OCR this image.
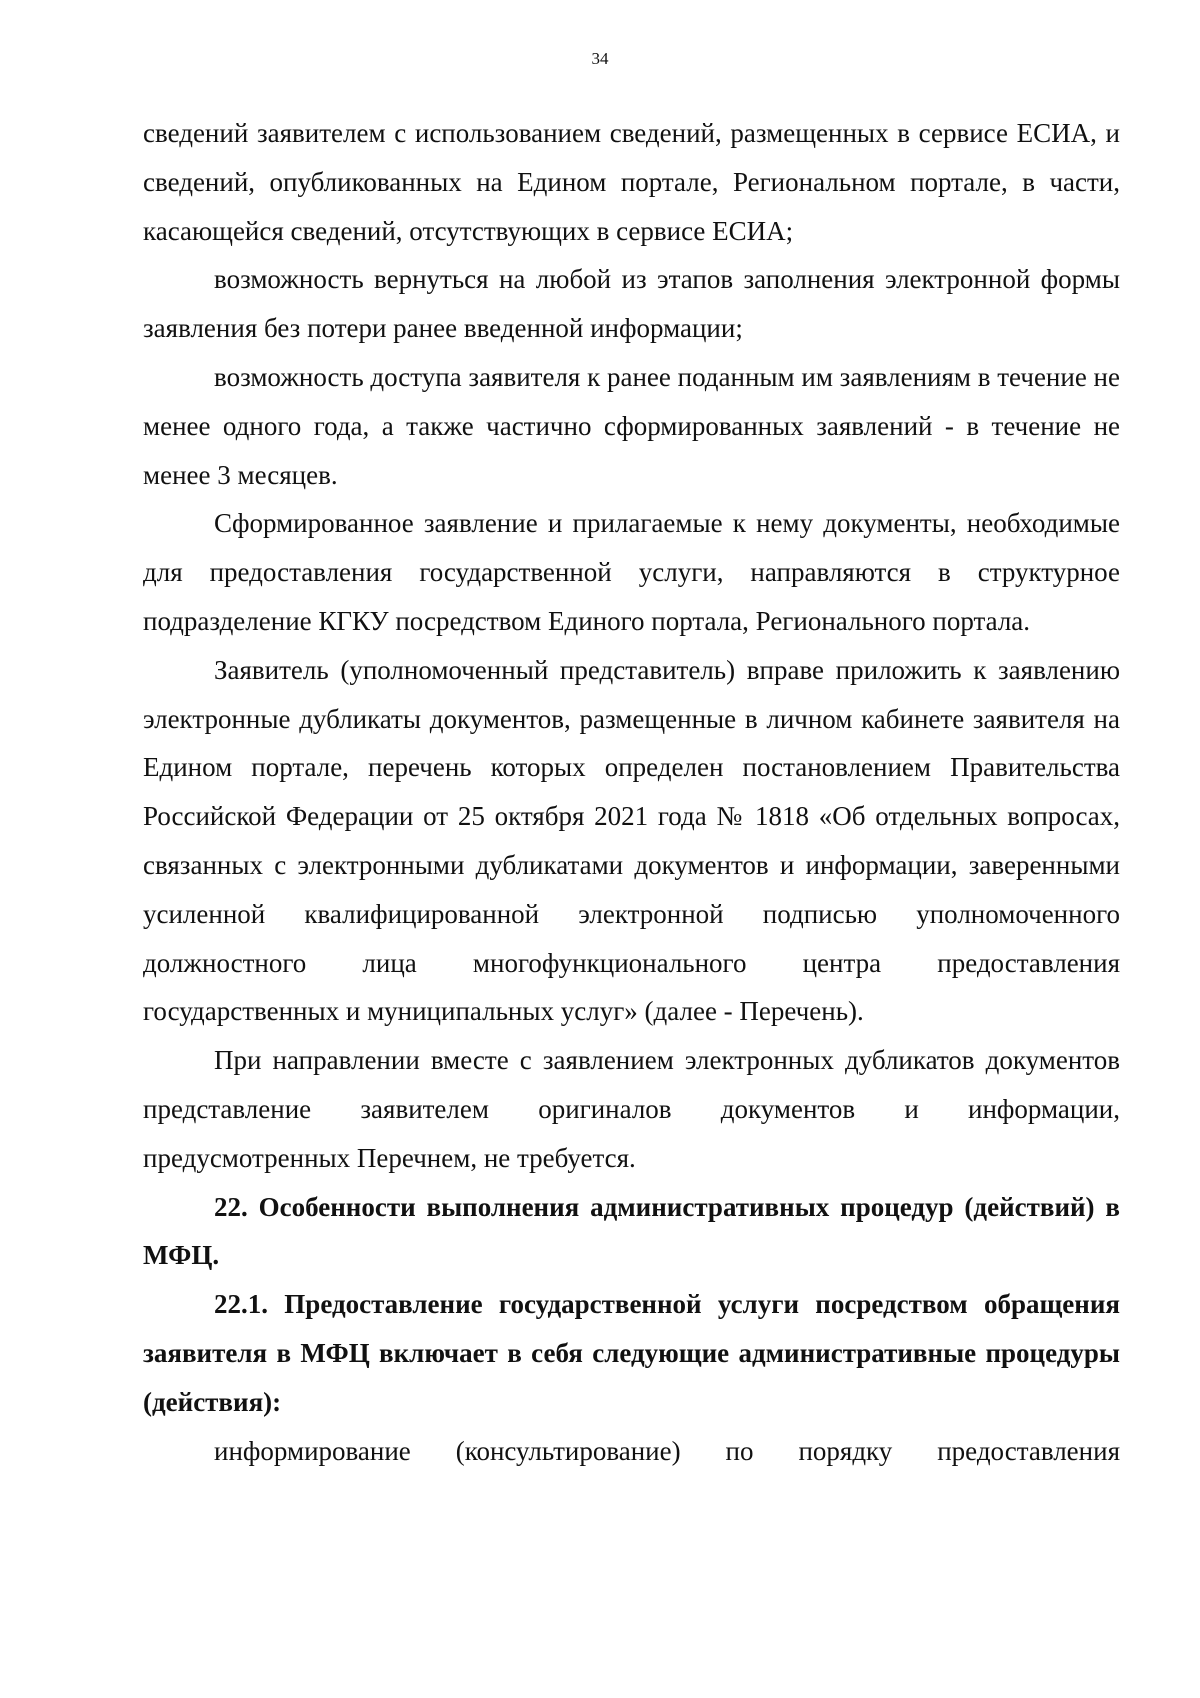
34

сведений заявителем с использованием сведений, размещенных в сервисе ЕСИА, и сведений, опубликованных на Едином портале, Региональном портале, в части, касающейся сведений, отсутствующих в сервисе ЕСИА;

возможность вернуться на любой из этапов заполнения электронной формы заявления без потери ранее введенной информации;

возможность доступа заявителя к ранее поданным им заявлениям в течение не менее одного года, а также частично сформированных заявлений - в течение не менее 3 месяцев.

Сформированное заявление и прилагаемые к нему документы, необходимые для предоставления государственной услуги, направляются в структурное подразделение КГКУ посредством Единого портала, Регионального портала.

Заявитель (уполномоченный представитель) вправе приложить к заявлению электронные дубликаты документов, размещенные в личном кабинете заявителя на Едином портале, перечень которых определен постановлением Правительства Российской Федерации от 25 октября 2021 года № 1818 «Об отдельных вопросах, связанных с электронными дубликатами документов и информации, заверенными усиленной квалифицированной электронной подписью уполномоченного должностного лица многофункционального центра предоставления государственных и муниципальных услуг» (далее - Перечень).

При направлении вместе с заявлением электронных дубликатов документов представление заявителем оригиналов документов и информации, предусмотренных Перечнем, не требуется.

22. Особенности выполнения административных процедур (действий) в МФЦ.

22.1. Предоставление государственной услуги посредством обращения заявителя в МФЦ включает в себя следующие административные процедуры (действия):

информирование (консультирование) по порядку предоставления
